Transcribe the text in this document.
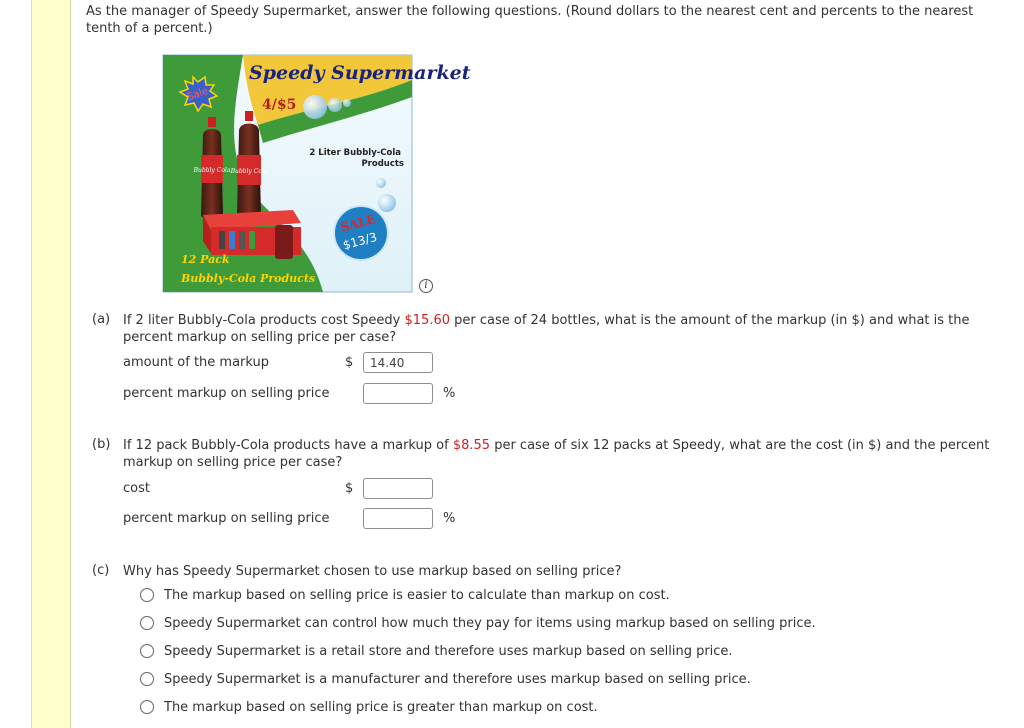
As the manager of Speedy Supermarket, answer the following questions. (Round dollars to the nearest cent and percents to the nearest tenth of a percent.)
Sale
Speedy Supermarket
4/$5
Bubbly Cola Bubbly Cola
2 Liter Bubbly-Cola
Products
SALE
$13/3
12 Pack
Bubbly-Cola Products
i
(a) If 2 liter Bubbly-Cola products cost Speedy $15.60 per case of 24 bottles, what is the amount of the markup (in $) and what is the percent markup on selling price per case?
amount of the markup	$
14.40
percent markup on selling price	%
(b) If 12 pack Bubbly-Cola products have a markup of $8.55 per case of six 12 packs at Speedy, what are the cost (in $) and the percent markup on selling price per case?
cost	$
percent markup on selling price	%
(c) Why has Speedy Supermarket chosen to use markup based on selling price?
The markup based on selling price is easier to calculate than markup on cost.
Speedy Supermarket can control how much they pay for items using markup based on selling price.
Speedy Supermarket is a retail store and therefore uses markup based on selling price.
Speedy Supermarket is a manufacturer and therefore uses markup based on selling price.
The markup based on selling price is greater than markup on cost.
